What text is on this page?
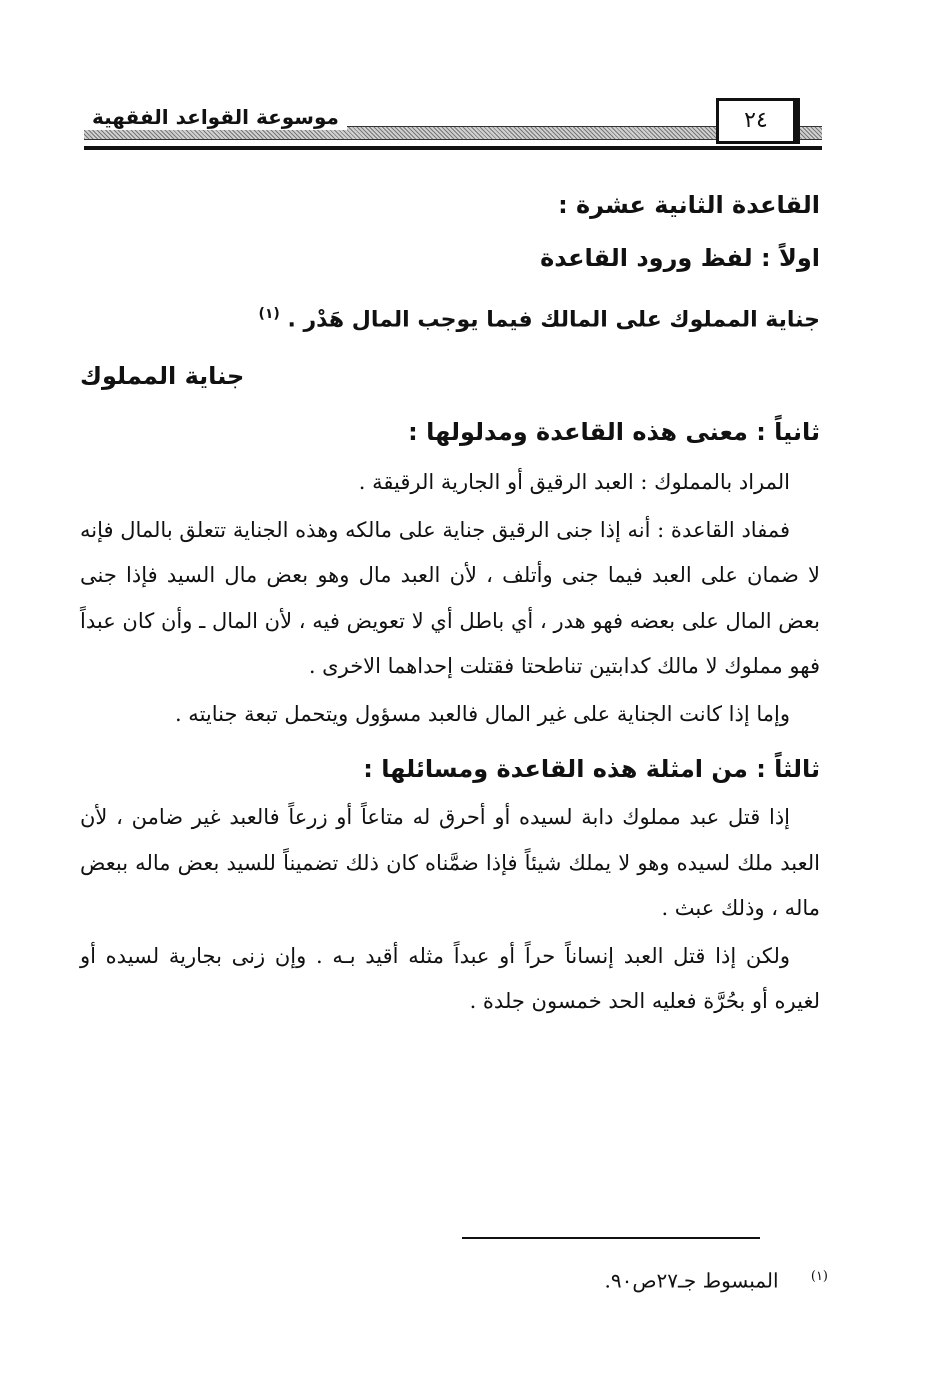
موسوعة القواعد الفقهية	٢٤
القاعدة الثانية عشرة :
اولاً : لفظ ورود القاعدة

جناية المملوك على المالك فيما يوجب المال هَدْر . $^{(١)}$

جناية المملوك
ثانياً : معنى هذه القاعدة ومدلولها :

المراد بالمملوك : العبد الرقيق أو الجارية الرقيقة .

فمفاد القاعدة : أنه إذا جنى الرقيق جناية على مالكه وهذه الجناية تتعلق بالمال فإنه لا ضمان على العبد فيما جنى وأتلف ، لأن العبد مال وهو بعض مال السيد فإذا جنى بعض المال على بعضه فهو هدر ، أي باطل أي لا تعويض فيه ، لأن المال ـ وأن كان عبداً فهو مملوك لا مالك كدابتين تناطحتا فقتلت إحداهما الاخرى .

وإما إذا كانت الجناية على غير المال فالعبد مسؤول ويتحمل تبعة جنايته .

ثالثاً : من امثلة هذه القاعدة ومسائلها :

إذا قتل عبد مملوك دابة لسيده أو أحرق له متاعاً أو زرعاً فالعبد غير ضامن ، لأن العبد ملك لسيده وهو لا يملك شيئاً فإذا ضمَّناه كان ذلك تضميناً للسيد بعض ماله ببعض ماله ، وذلك عبث .

ولكن إذا قتل العبد إنساناً حراً أو عبداً مثله أقيد بـه . وإن زنى بجارية لسيده أو لغيره أو بحُرَّة فعليه الحد خمسون جلدة .

$^{(١)}$ المبسوط جـ٢٧ص٩٠.
